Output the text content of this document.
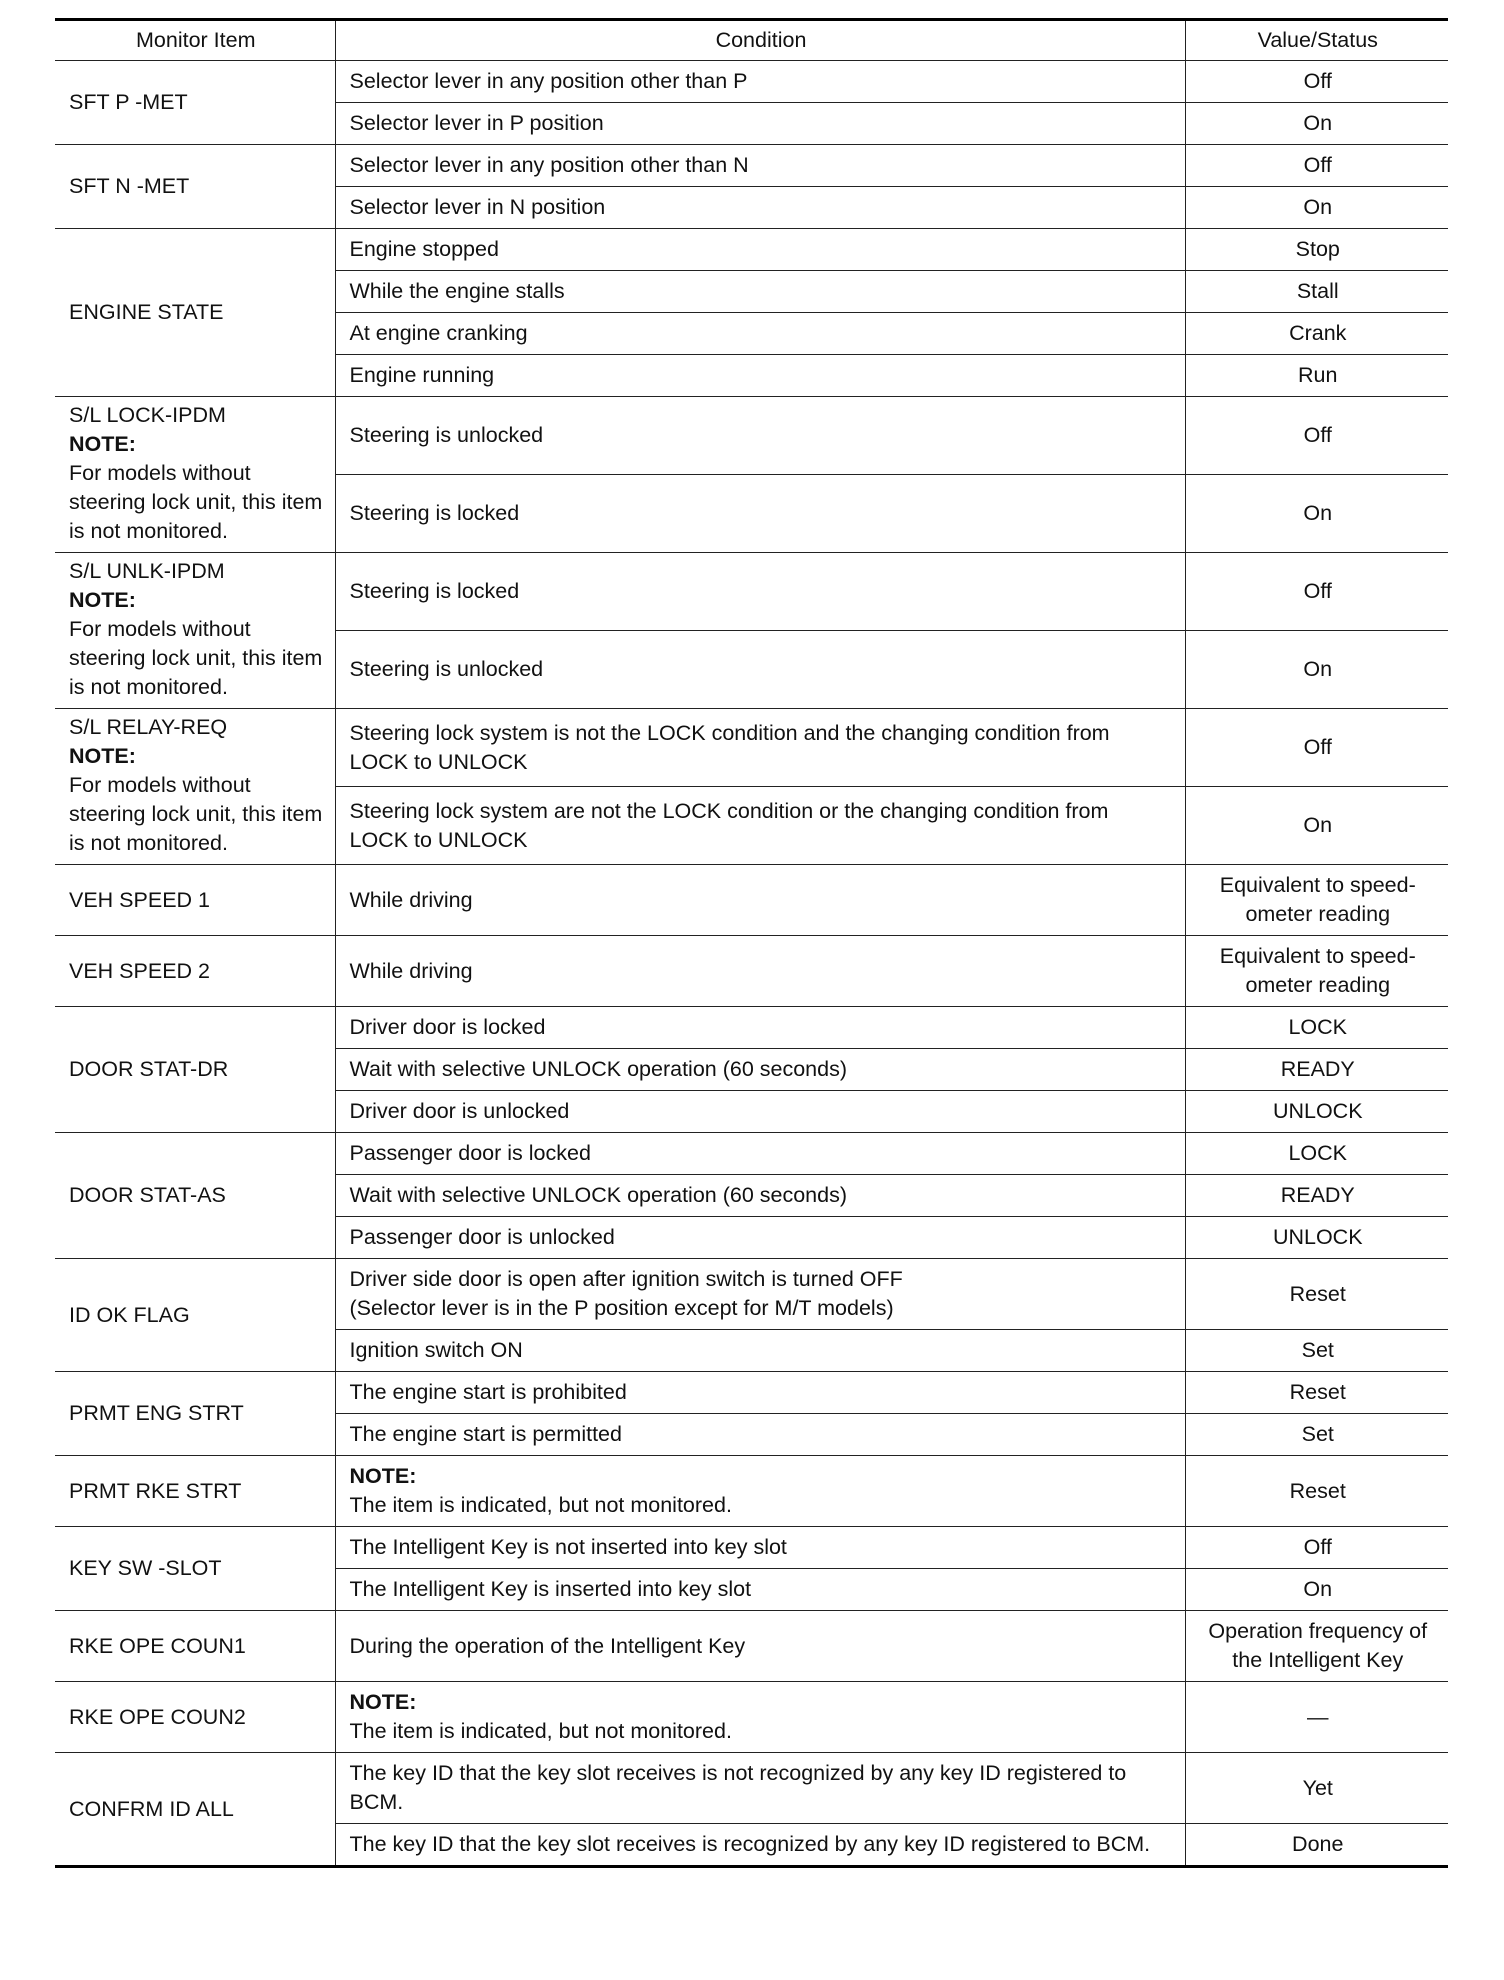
Monitor Item	Condition	Value/Status

SFT P -MET	Selector lever in any position other than P	Off

	Selector lever in P position	On

SFT N -MET	Selector lever in any position other than N	Off

	Selector lever in N position	On

ENGINE STATE	Engine stopped	Stop

	While the engine stalls	Stall

	At engine cranking	Crank

	Engine running	Run

S/L LOCK-IPDM
NOTE:
For models without steering lock unit, this item is not monitored.	Steering is unlocked	Off

	Steering is locked	On

S/L UNLK-IPDM
NOTE:
For models without steering lock unit, this item is not monitored.	Steering is locked	Off

	Steering is unlocked	On

S/L RELAY-REQ
NOTE:
For models without steering lock unit, this item is not monitored.	Steering lock system is not the LOCK condition and the changing condition from LOCK to UNLOCK	Off

	Steering lock system are not the LOCK condition or the changing condition from LOCK to UNLOCK	On

VEH SPEED 1	While driving	Equivalent to speed-ometer reading

VEH SPEED 2	While driving	Equivalent to speed-ometer reading

DOOR STAT-DR	Driver door is locked	LOCK

	Wait with selective UNLOCK operation (60 seconds)	READY

	Driver door is unlocked	UNLOCK

DOOR STAT-AS	Passenger door is locked	LOCK

	Wait with selective UNLOCK operation (60 seconds)	READY

	Passenger door is unlocked	UNLOCK

ID OK FLAG	Driver side door is open after ignition switch is turned OFF
(Selector lever is in the P position except for M/T models)	Reset

	Ignition switch ON	Set

PRMT ENG STRT	The engine start is prohibited	Reset

	The engine start is permitted	Set

PRMT RKE STRT	NOTE:
The item is indicated, but not monitored.	Reset

KEY SW -SLOT	The Intelligent Key is not inserted into key slot	Off

	The Intelligent Key is inserted into key slot	On

RKE OPE COUN1	During the operation of the Intelligent Key	Operation frequency of the Intelligent Key

RKE OPE COUN2	NOTE:
The item is indicated, but not monitored.	—

CONFRM ID ALL	The key ID that the key slot receives is not recognized by any key ID registered to BCM.	Yet

	The key ID that the key slot receives is recognized by any key ID registered to BCM.	Done
